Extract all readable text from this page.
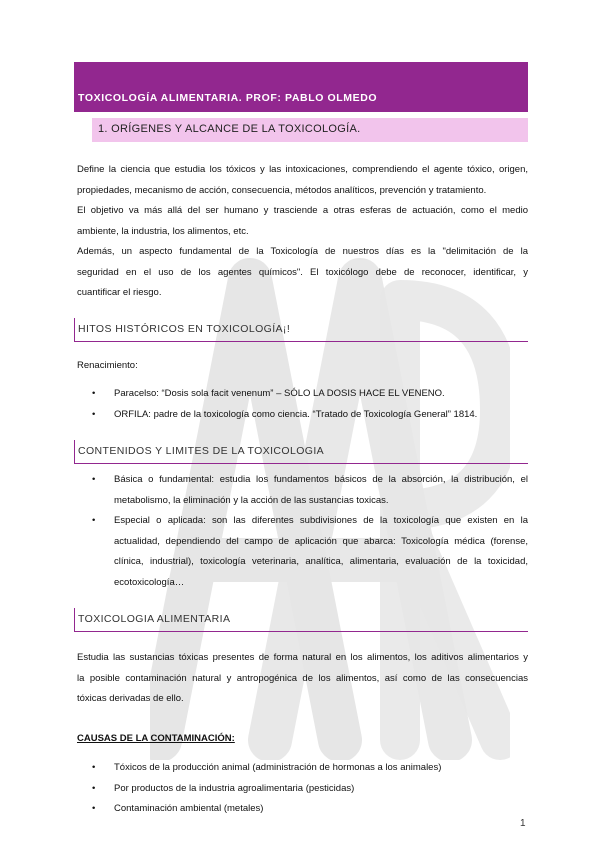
TOXICOLOGÍA ALIMENTARIA. PROF: PABLO OLMEDO
1. ORÍGENES Y ALCANCE DE LA TOXICOLOGÍA.
Define la ciencia que estudia los tóxicos y las intoxicaciones, comprendiendo el agente tóxico, origen,
propiedades, mecanismo de acción, consecuencia, métodos analíticos, prevención y tratamiento.
El objetivo va más allá del ser humano y trasciende a otras esferas de actuación, como el medio
ambiente, la industria, los alimentos, etc.
Además, un aspecto fundamental de la Toxicología de nuestros días es la "delimitación de la
seguridad en el uso de los agentes químicos". El toxicólogo debe de reconocer, identificar, y
cuantificar el riesgo.
HITOS HISTÓRICOS EN TOXICOLOGÍA¡!
Renacimiento:
• Paracelso: “Dosis sola facit venenum” – SÓLO LA DOSIS HACE EL VENENO.
• ORFILA: padre de la toxicología como ciencia. “Tratado de Toxicología General” 1814.
CONTENIDOS Y LIMITES DE LA TOXICOLOGIA
• Básica o fundamental: estudia los fundamentos básicos de la absorción, la distribución, el
metabolismo, la eliminación y la acción de las sustancias toxicas.
• Especial o aplicada: son las diferentes subdivisiones de la toxicología que existen en la
actualidad, dependiendo del campo de aplicación que abarca: Toxicología médica (forense,
clínica, industrial), toxicología veterinaria, analítica, alimentaria, evaluación de la toxicidad,
ecotoxicología…
TOXICOLOGIA ALIMENTARIA
Estudia las sustancias tóxicas presentes de forma natural en los alimentos, los aditivos alimentarios y
la posible contaminación natural y antropogénica de los alimentos, así como de las consecuencias
tóxicas derivadas de ello.
CAUSAS DE LA CONTAMINACIÓN:
• Tóxicos de la producción animal (administración de hormonas a los animales)
• Por productos de la industria agroalimentaria (pesticidas)
• Contaminación ambiental (metales)
1
